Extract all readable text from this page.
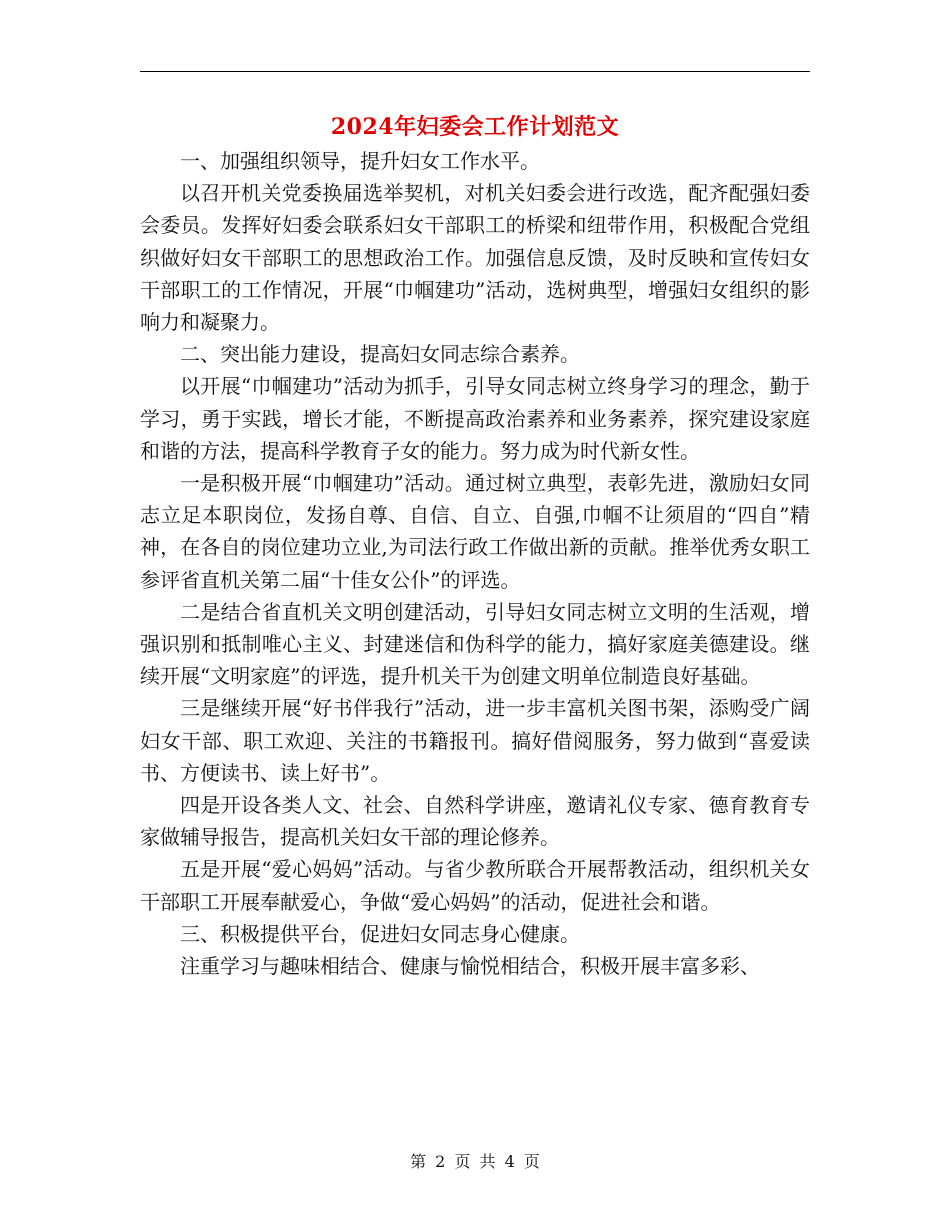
2024年妇委会工作计划范文

一、加强组织领导，提升妇女工作水平。

以召开机关党委换届选举契机，对机关妇委会进行改选，配齐配强妇委会委员。发挥好妇委会联系妇女干部职工的桥梁和纽带作用，积极配合党组织做好妇女干部职工的思想政治工作。加强信息反馈，及时反映和宣传妇女干部职工的工作情况，开展“巾帼建功”活动，选树典型，增强妇女组织的影响力和凝聚力。

二、突出能力建设，提高妇女同志综合素养。

以开展“巾帼建功”活动为抓手，引导女同志树立终身学习的理念，勤于学习，勇于实践，增长才能，不断提高政治素养和业务素养，探究建设家庭和谐的方法，提高科学教育子女的能力。努力成为时代新女性。

一是积极开展“巾帼建功”活动。通过树立典型，表彰先进，激励妇女同志立足本职岗位，发扬自尊、自信、自立、自强,巾帼不让须眉的“四自”精神，在各自的岗位建功立业,为司法行政工作做出新的贡献。推举优秀女职工参评省直机关第二届“十佳女公仆”的评选。

二是结合省直机关文明创建活动，引导妇女同志树立文明的生活观，增强识别和抵制唯心主义、封建迷信和伪科学的能力，搞好家庭美德建设。继续开展“文明家庭”的评选，提升机关干为创建文明单位制造良好基础。

三是继续开展“好书伴我行”活动，进一步丰富机关图书架，添购受广阔妇女干部、职工欢迎、关注的书籍报刊。搞好借阅服务，努力做到“喜爱读书、方便读书、读上好书”。

四是开设各类人文、社会、自然科学讲座，邀请礼仪专家、德育教育专家做辅导报告，提高机关妇女干部的理论修养。

五是开展“爱心妈妈”活动。与省少教所联合开展帮教活动，组织机关女干部职工开展奉献爱心，争做“爱心妈妈”的活动，促进社会和谐。

三、积极提供平台，促进妇女同志身心健康。

注重学习与趣味相结合、健康与愉悦相结合，积极开展丰富多彩、

第 2 页 共 4 页
